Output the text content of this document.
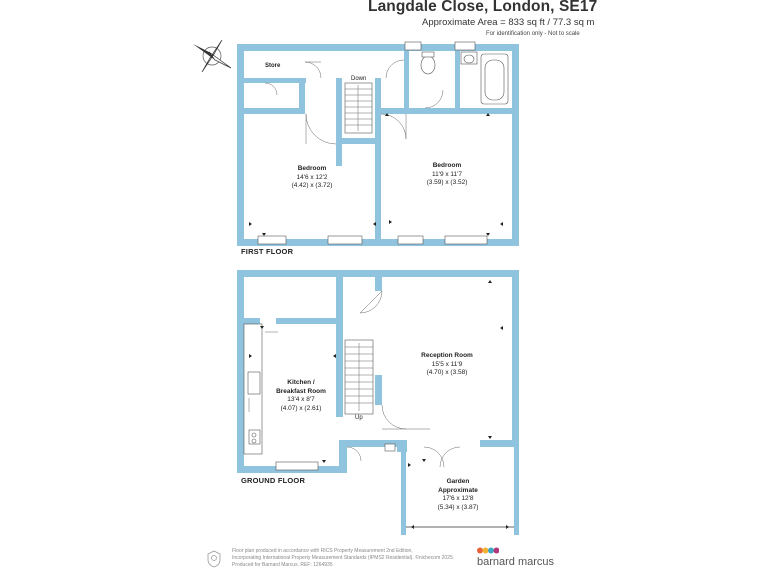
Langdale Close, London, SE17
Approximate Area = 833 sq ft / 77.3 sq m
For identification only - Not to scale
FIRST FLOOR
GROUND FLOOR
Store
Down
Bedroom
14'6 x 12'2
(4.42) x (3.72)
Bedroom
11'9 x 11'7
(3.59) x (3.52)
Up
Kitchen /
Breakfast Room
13'4 x 8'7
(4.07) x (2.61)
Reception Room
15'5 x 11'9
(4.70) x (3.58)
Garden
Approximate
17'6 x 12'8
(5.34) x (3.87)
Floor plan produced in accordance with RICS Property Measurement 2nd Edition,
Incorporating International Property Measurement Standards (IPMS2 Residential). ©nichecom 2025.
Produced for Barnard Marcus. REF: 1264935	barnard marcus
